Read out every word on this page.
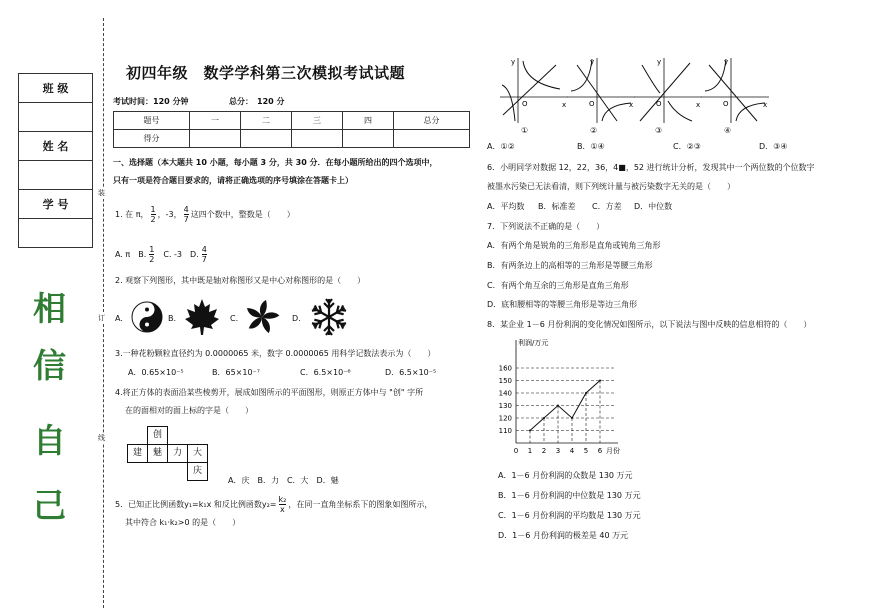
班 级

姓 名

学 号

相
信
自
己
装
订
线
初四年级　数学学科第三次模拟考试试题
考试时间：120 分钟	总分：　120 分
题号	一	二	三	四	总分
得分					
一、选择题（本大题共 10 小题，每小题 3 分，共 30 分．在每小题所给出的四个选项中，
只有一项是符合题目要求的，请将正确选项的序号填涂在答题卡上）
1. 在 π， $\frac{1}{2}$ ，-3， $\frac{4}{7}$ 这四个数中，整数是（　　）
A. π　B. $\frac{1}{2} C$. -3　D. $\frac{4}{7}$
2. 观察下列图形，其中既是轴对称图形又是中心对称图形的是（　　）
A.	B.	C.	D.
3.一种花粉颗粒直径约为 0.0000065 米，数字 0.0000065 用科学记数法表示为（　　）
A．0.65×10⁻⁵	B．65×10⁻⁷	C．6.5×10⁻⁶	D．6.5×10⁻⁵
4.将正方体的表面沿某些棱剪开，展成如图所示的平面图形，则原正方体中与 "创" 字所
在的面相对的面上标的字是（　　）
创
建	魅	力	大
庆
A．庆　B．力　C．大　D．魅
5．已知正比例函数y₁=k₁x 和反比例函数$y_2= \frac{\text{k₂}}{x}$ ，在同一直角坐标系下的图象如图所示，
其中符合 k₁·k₂>0 的是（　　）
x
y
O	x
y
O	x
y
O	x
y
O
①	②	③	④
A．①②	B．①④	C．②③	D．③④
6．小明同学对数据 12，22，36，4■，52 进行统计分析，发现其中一个两位数的个位数字
被墨水污染已无法看清，则下列统计量与被污染数字无关的是（　　）
A．平均数 B．标准差 C．方差 D．中位数
7．下列说法不正确的是（　　）
A．有两个角是锐角的三角形是直角或钝角三角形
B．有两条边上的高相等的三角形是等腰三角形
C．有两个角互余的三角形是直角三角形
D．底和腰相等的等腰三角形是等边三角形
8．某企业 1－6 月份利润的变化情况如图所示，以下说法与图中反映的信息相符的（　　）
利润/万元
月份
110
120
130
140
150
160
0 1 2 3 4 5 6
A．1－6 月份利润的众数是 130 万元
B．1－6 月份利润的中位数是 130 万元
C．1－6 月份利润的平均数是 130 万元
D．1－6 月份利润的极差是 40 万元
